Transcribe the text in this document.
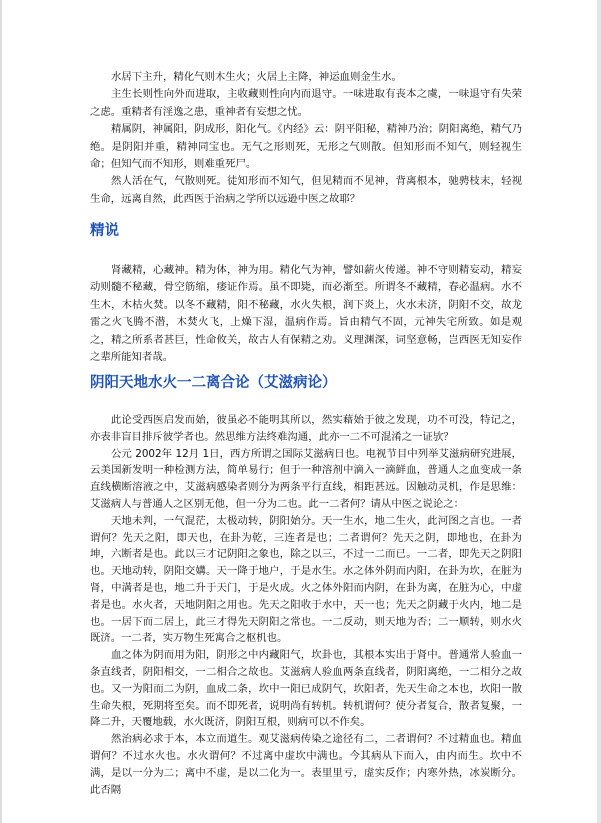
水居下主升，精化气则木生火；火居上主降，神运血则金生水。

主生长则性向外而进取，主收藏则性向内而退守。一味进取有丧本之虞，一味退守有失荣之虑。重精者有淫逸之患，重神者有妄想之忧。

精属阴，神属阳，阴成形，阳化气。《内经》云：阴平阳秘，精神乃治；阴阳离绝，精气乃绝。是阴阳并重，精神同宝也。无气之形则死，无形之气则散。但知形而不知气，则轻视生命；但知气而不知形，则难重死尸。

然人活在气，气散则死。徒知形而不知气，但见精而不见神，背离根本，驰骋枝末，轻视生命，远离自然，此西医于治病之学所以远逊中医之故耶？

精说

肾藏精，心藏神。精为体，神为用。精化气为神，譬如薪火传递。神不守则精妄动，精妄动则髓不秘藏，骨空筋缩，痿证作焉。虽不即毙，而必渐至。所谓冬不藏精，春必温病。水不生木，木枯火焚。以冬不藏精，阳不秘藏，水火失根，润下炎上，火水未济，阴阳不交，故龙雷之火飞腾不潜，木焚火飞，上燥下湿，温病作焉。旨由精气不固，元神失宅所致。如是观之，精之所系者甚巨，性命攸关，故古人有保精之劝。义理渊深，词坚意畅，岂西医无知妄作之辈所能知者哉。

阴阳天地水火一二离合论（艾滋病论）

此论受西医启发而始，彼虽必不能明其所以，然实藉始于彼之发现，功不可没，特记之，亦表非盲目排斥彼学者也。然思维方法终难沟通，此亦一二不可混淆之一证欤？

公元 2002年 12月 1日，西方所谓之国际艾滋病日也。电视节目中列举艾滋病研究进展，云美国新发明一种检测方法，简单易行；但于一种溶剂中滴入一滴鲜血，普通人之血变成一条直线横断溶液之中，艾滋病感染者则分为两条平行直线，相距甚远。因触动灵机，作是思维：艾滋病人与普通人之区别无他，但一分为二也。此一二者何？请从中医之说论之：

天地未判，一气混茫，太极动转，阴阳始分。天一生水，地二生火，此河图之言也。一者谓何？先天之阳，即天也，在卦为乾，三连者是也；二者谓何？先天之阴，即地也，在卦为坤，六断者是也。此以三才记阴阳之象也，除之以三，不过一二而已。一二者，即先天之阴阳也。天地动转，阴阳交媾。天一降于地户，于是水生。水之体外阴而内阳，在卦为坎，在脏为肾，中满者是也，地二升于天门，于是火成。火之体外阳而内阴，在卦为离，在脏为心，中虚者是也。水火者，天地阴阳之用也。先天之阳收于水中，天一也；先天之阴藏于火内，地二是也。一居下而二居上，此三才得先天阴阳之常也。一二反动，则天地为否；二一顺转，则水火既济。一二者，实万物生死寓合之枢机也。

血之体为阴而用为阳，阴形之中内藏阳气，坎卦也，其根本实出于肾中。普通常人验血一条直线者，阴阳相交，一二相合之故也。艾滋病人验血两条直线者，阴阳离绝，一二相分之故也。又一为阳而二为阴，血成二条，坎中一阳已成阴气，坎阳者，先天生命之本也，坎阳一散生命失根，死期将至矣。而不即死者，说明尚有转机。转机谓何？使分者复合，散者复聚，一降二升，天覆地载，水火既济，阴阳互根，则病可以不作矣。

然治病必求于本，本立而道生。观艾滋病传染之途径有二，二者谓何？不过精血也。精血谓何？不过水火也。水火谓何？不过离中虚坎中满也。今其病从下而入，由内而生。坎中不满，是以一分为二；离中不虚，是以二化为一。表里里亏，虚实反作；内寒外热，冰炭断分。此否隔
